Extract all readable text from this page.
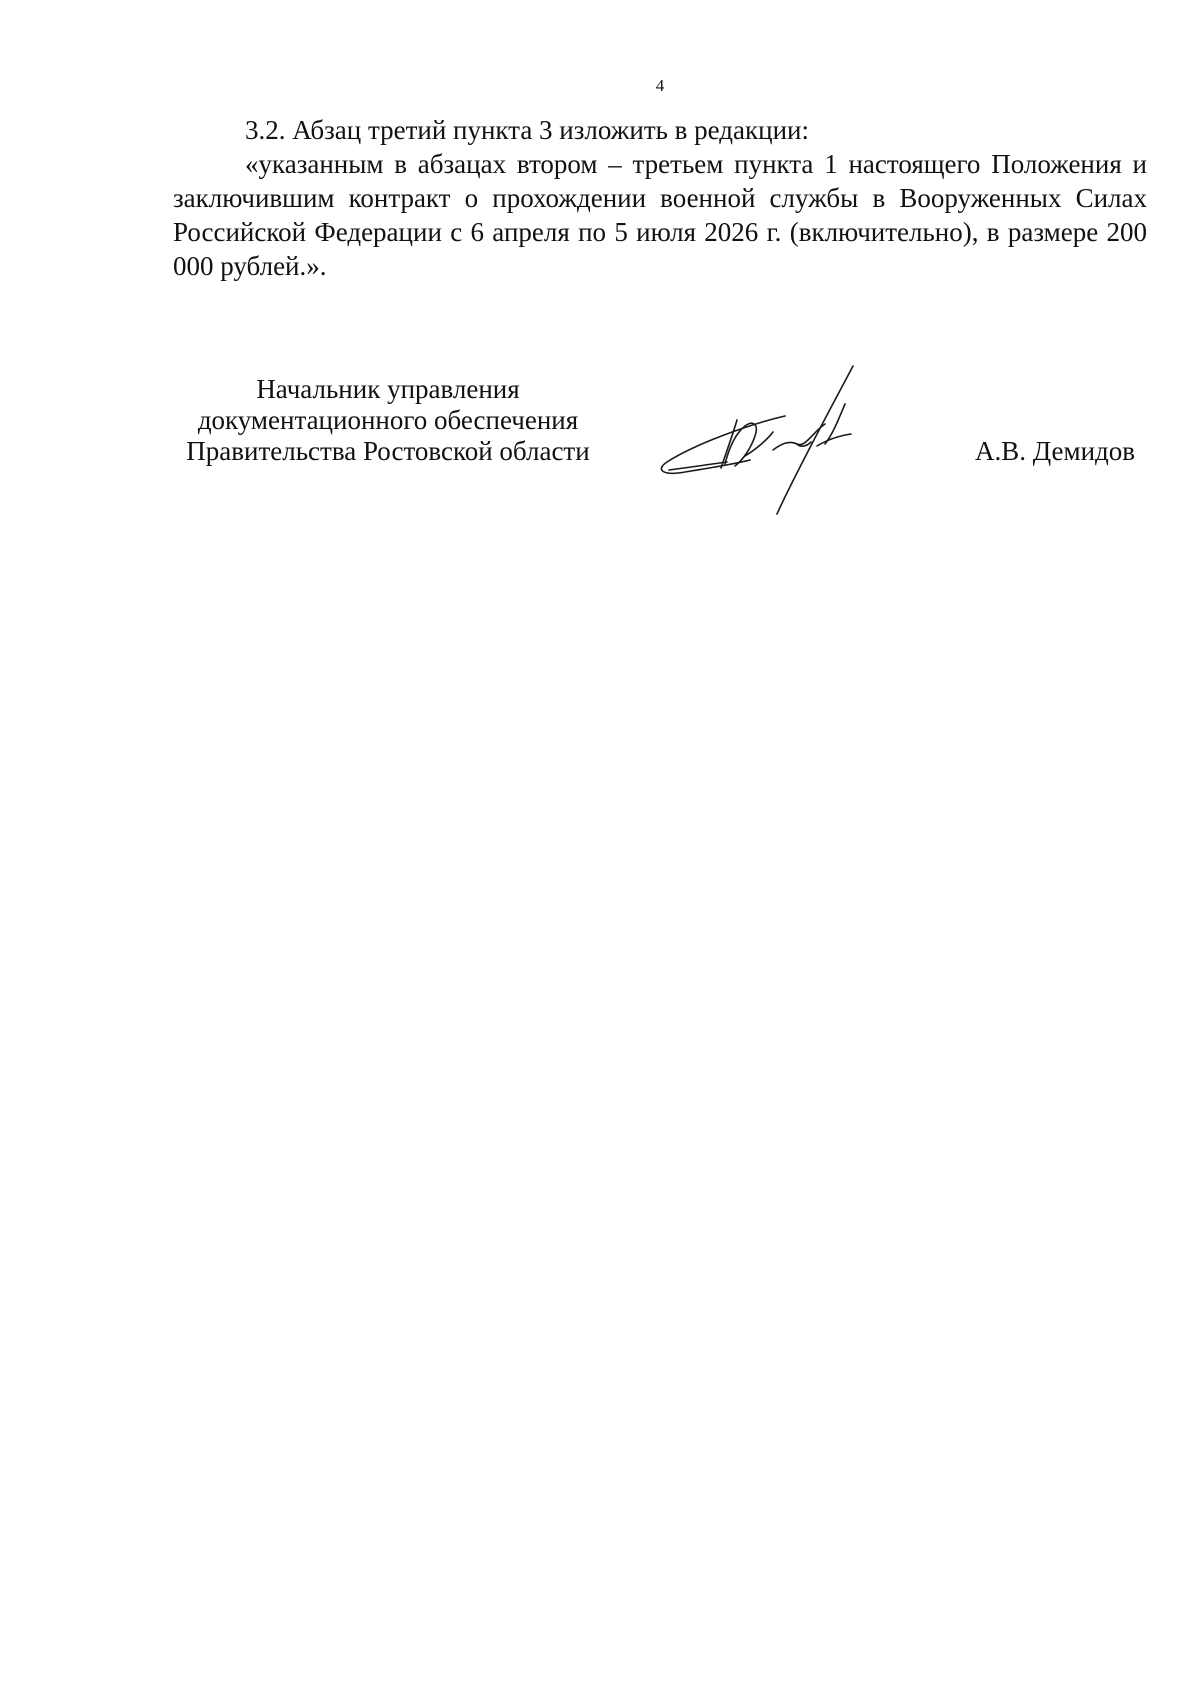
4

3.2. Абзац третий пункта 3 изложить в редакции:

«указанным в абзацах втором – третьем пункта 1 настоящего Положения и заключившим контракт о прохождении военной службы в Вооруженных Силах Российской Федерации с 6 апреля по 5 июля 2026 г. (включительно), в размере 200 000 рублей.».

Начальник управления
документационного обеспечения
Правительства Ростовской области	А.В. Демидов
